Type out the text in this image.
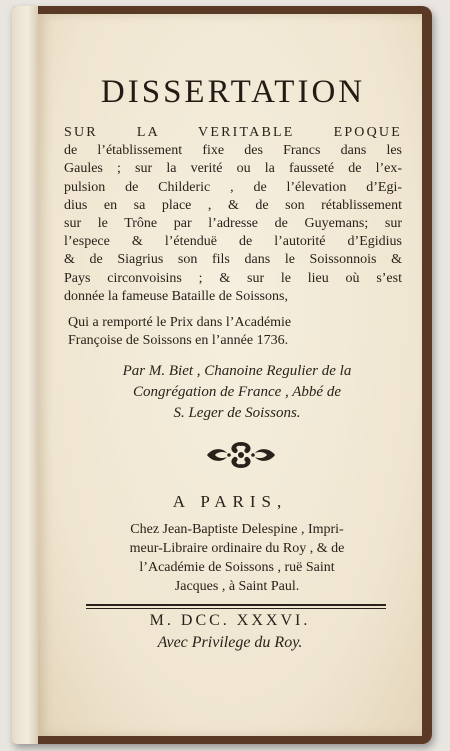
DISSERTATION
SUR LA VERITABLE EPOQUE
de l’établissement fixe des Francs dans les
Gaules ; sur la verité ou la fausseté de l’ex-
pulsion de Childeric , de l’élevation d’Egi-
dius en sa place , & de son rétablissement
sur le Trône par l’adresse de Guyemans; sur
l’espece & l’étenduë de l’autorité d’Egidius
& de Siagrius son fils dans le Soissonnois &
Pays circonvoisins ; & sur le lieu où s’est
donnée la fameuse Bataille de Soissons,
Qui a remporté le Prix dans l’Académie
Françoise de Soissons en l’année 1736.
Par M. Biet , Chanoine Regulier de la
Congrégation de France , Abbé de
S. Leger de Soissons.
A PARIS,
Chez Jean-Baptiste Delespine , Impri-
meur-Libraire ordinaire du Roy , & de
l’Académie de Soissons , ruë Saint
Jacques , à Saint Paul.
M. DCC. XXXVI.
Avec Privilege du Roy.
